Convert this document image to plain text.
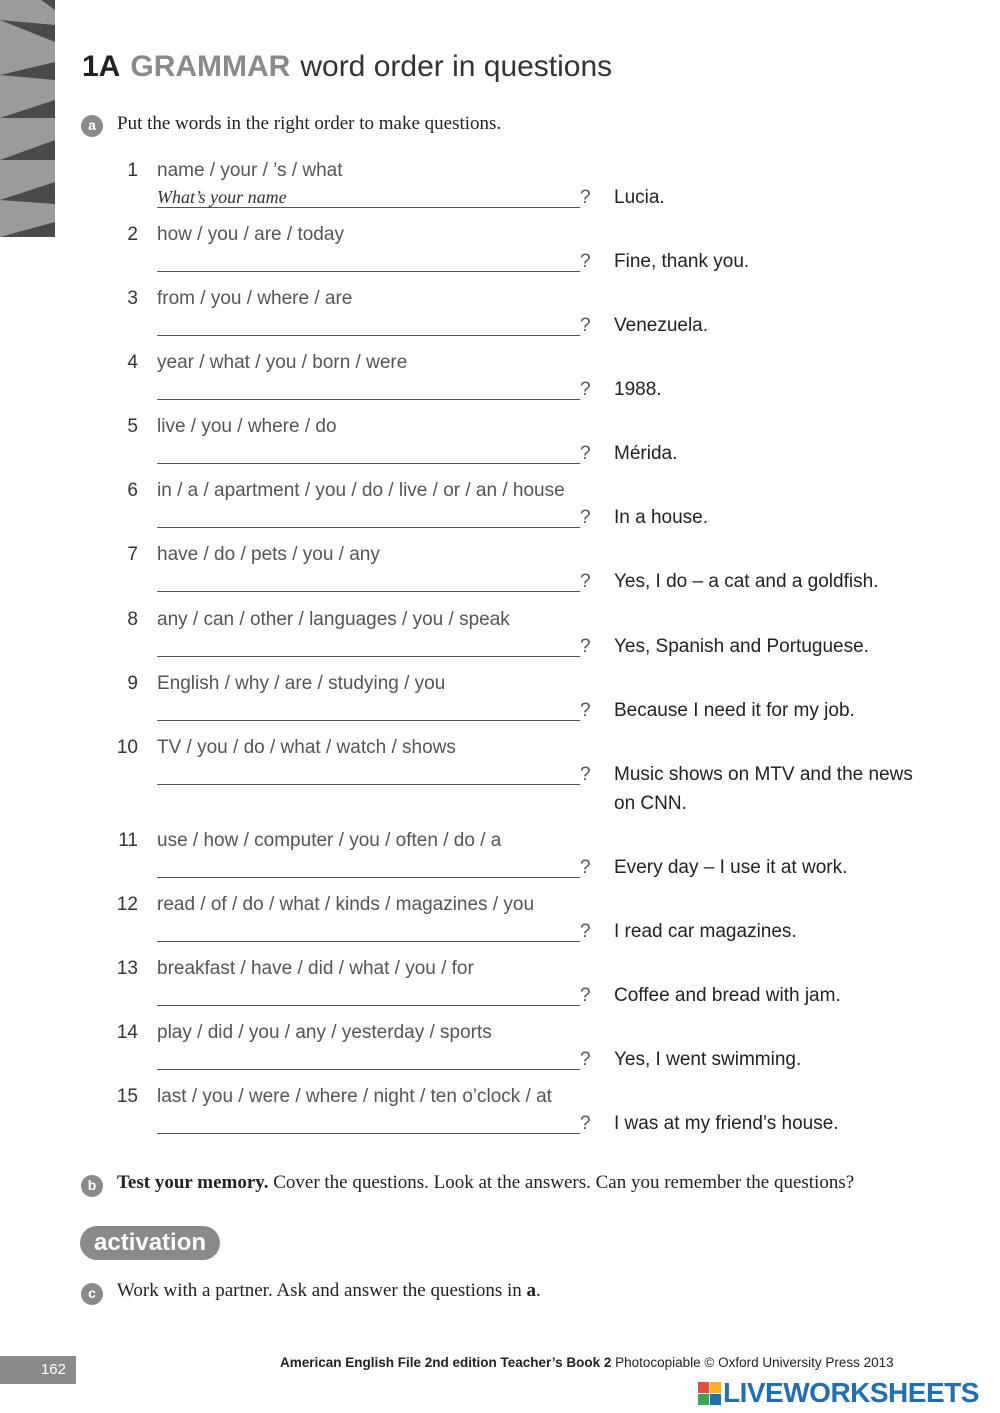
1A GRAMMAR word order in questions
a	Put the words in the right order to make questions.
1 name / your / ’s / what
What’s your name	? Lucia.
2 how / you / are / today
? Fine, thank you.
3 from / you / where / are
? Venezuela.
4 year / what / you / born / were
? 1988.
5 live / you / where / do
? Mérida.
6 in / a / apartment / you / do / live / or / an / house
? In a house.
7 have / do / pets / you / any
? Yes, I do – a cat and a goldfish.
8 any / can / other / languages / you / speak
? Yes, Spanish and Portuguese.
9 English / why / are / studying / you
? Because I need it for my job.
10 TV / you / do / what / watch / shows
? Music shows on MTV and the news on CNN.
11 use / how / computer / you / often / do / a
? Every day – I use it at work.
12 read / of / do / what / kinds / magazines / you
? I read car magazines.
13 breakfast / have / did / what / you / for
? Coffee and bread with jam.
14 play / did / you / any / yesterday / sports
? Yes, I went swimming.
15 last / you / were / where / night / ten o’clock / at
? I was at my friend’s house.
b	Test your memory. Cover the questions. Look at the answers. Can you remember the questions?
activation
c	Work with a partner. Ask and answer the questions in a.
162	American English File 2nd edition Teacher’s Book 2 Photocopiable © Oxford University Press 2013
LIVEWORKSHEETS
